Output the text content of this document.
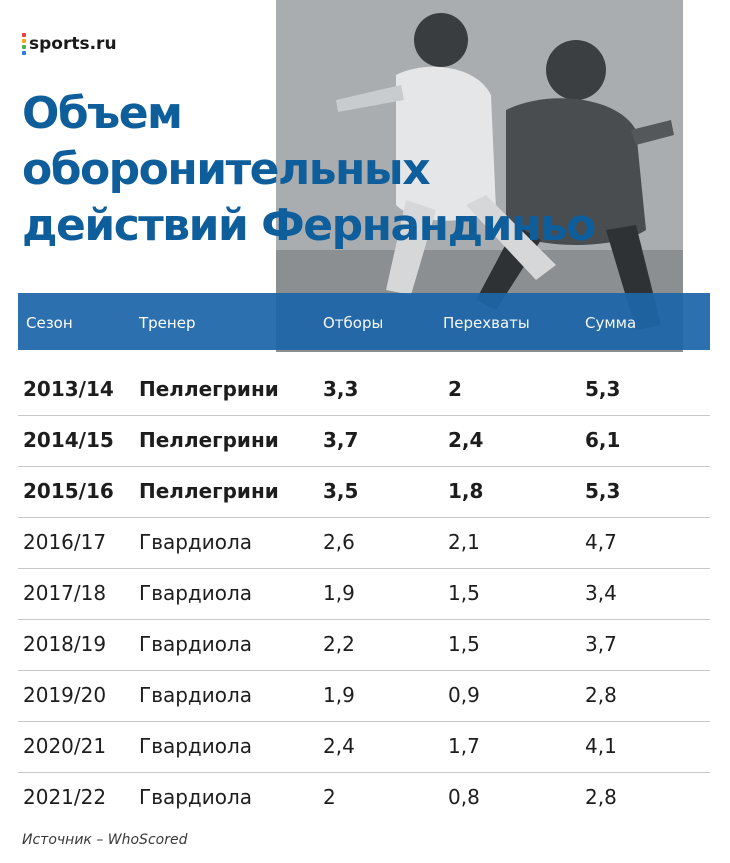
sports.ru
Объем
оборонительных
действий Фернандиньо
Сезон	Тренер	Отборы	Перехваты	Сумма
2013/14 Пеллегрини 3,3	2	5,3
2014/15 Пеллегрини 3,7	2,4	6,1
2015/16 Пеллегрини 3,5	1,8	5,3
2016/17 Гвардиола	2,6	2,1	4,7
2017/18 Гвардиола	1,9	1,5	3,4
2018/19 Гвардиола	2,2	1,5	3,7
2019/20 Гвардиола	1,9	0,9	2,8
2020/21 Гвардиола	2,4	1,7	4,1
2021/22 Гвардиола	2	0,8	2,8
Источник – WhoScored
